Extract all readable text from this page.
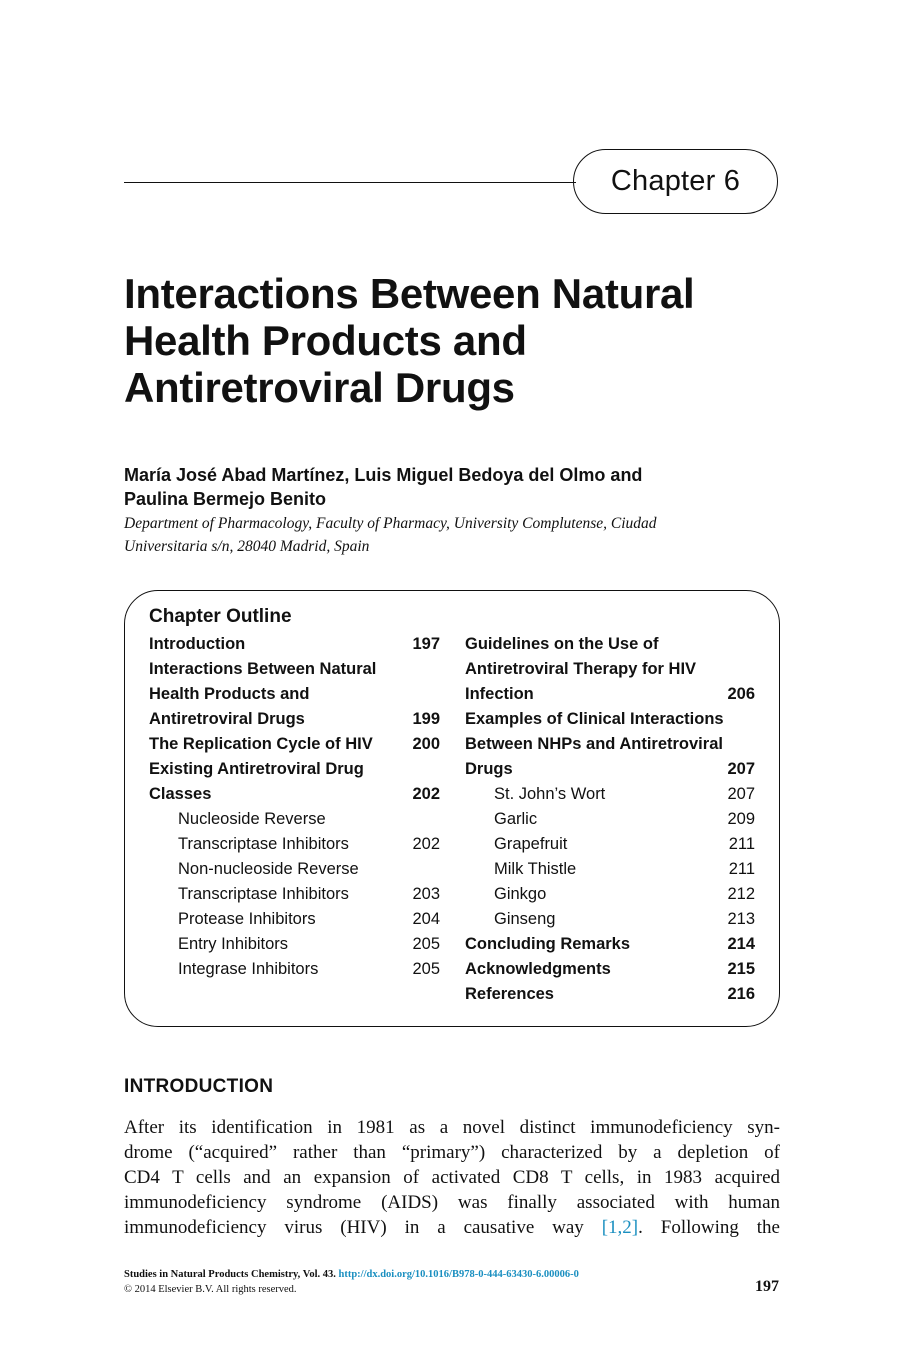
Chapter 6
Interactions Between Natural
Health Products and
Antiretroviral Drugs
María José Abad Martínez, Luis Miguel Bedoya del Olmo and
Paulina Bermejo Benito
Department of Pharmacology, Faculty of Pharmacy, University Complutense, Ciudad
Universitaria s/n, 28040 Madrid, Spain
Chapter Outline
Introduction	197
Interactions Between Natural
Health Products and
Antiretroviral Drugs	199
The Replication Cycle of HIV 200
Existing Antiretroviral Drug
Classes	202
Nucleoside Reverse
Transcriptase Inhibitors	202
Non-nucleoside Reverse
Transcriptase Inhibitors	203
Protease Inhibitors	204
Entry Inhibitors	205
Integrase Inhibitors	205
Guidelines on the Use of
Antiretroviral Therapy for HIV
Infection	206
Examples of Clinical Interactions
Between NHPs and Antiretroviral
Drugs	207
St. John’s Wort	207
Garlic	209
Grapefruit	211
Milk Thistle	211
Ginkgo	212
Ginseng	213
Concluding Remarks	214
Acknowledgments	215
References	216
INTRODUCTION
After its identification in 1981 as a novel distinct immunodeficiency syn-
drome (“acquired” rather than “primary”) characterized by a depletion of
CD4 T cells and an expansion of activated CD8 T cells, in 1983 acquired
immunodeficiency syndrome (AIDS) was finally associated with human
immunodeficiency virus (HIV) in a causative way [1,2]. Following the
Studies in Natural Products Chemistry, Vol. 43. http://dx.doi.org/10.1016/B978-0-444-63430-6.00006-0
© 2014 Elsevier B.V. All rights reserved.	197
